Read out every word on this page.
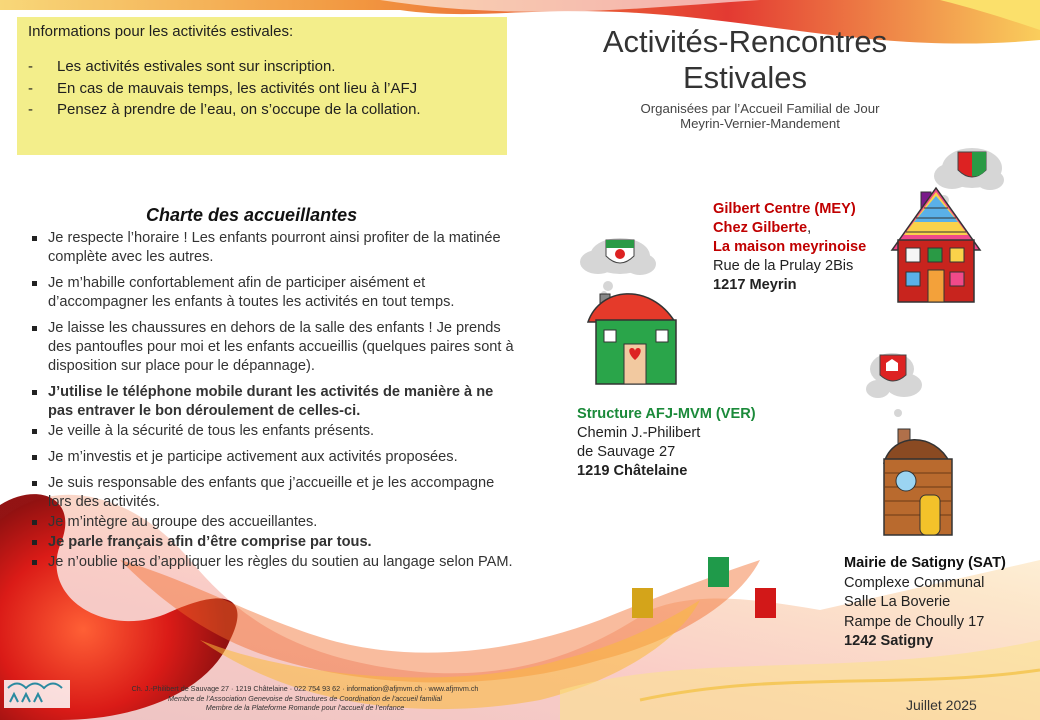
Informations pour les activités estivales:
- Les activités estivales sont sur inscription.
- En cas de mauvais temps, les activités ont lieu à l’AFJ
- Pensez à prendre de l’eau, on s’occupe de la collation.
Activités-Rencontres
Estivales
Organisées par l’Accueil Familial de Jour
Meyrin-Vernier-Mandement
Charte des accueillantes
Je respecte l’horaire ! Les enfants pourront ainsi profiter de la matinée complète avec les autres.
Je m’habille confortablement afin de participer aisément et d’accompagner les enfants à toutes les activités en tout temps.
Je laisse les chaussures en dehors de la salle des enfants ! Je prends des pantoufles pour moi et les enfants accueillis (quelques paires sont à disposition sur place pour le dépannage).
J’utilise le téléphone mobile durant les activités de manière à ne pas entraver le bon déroulement de celles-ci.
Je veille à la sécurité de tous les enfants présents.
Je m’investis et je participe activement aux activités proposées.
Je suis responsable des enfants que j’accueille et je les accompagne lors des activités.
Je m’intègre au groupe des accueillantes.
Je parle français afin d’être comprise par tous.
Je n’oublie pas d’appliquer les règles du soutien au langage selon PAM.
Gilbert Centre (MEY)
Chez Gilberte,
La maison meyrinoise
Rue de la Prulay 2Bis
1217 Meyrin
Structure AFJ-MVM (VER)
Chemin J.-Philibert
de Sauvage 27
1219 Châtelaine
Mairie de Satigny (SAT)
Complexe Communal
Salle La Boverie
Rampe de Choully 17
1242 Satigny
Ch. J.-Philibert de Sauvage 27 · 1219 Châtelaine · 022 754 93 62 · information@afjmvm.ch · www.afjmvm.ch
Membre de l’Association Genevoise de Structures de Coordination de l’accueil familial
Membre de la Plateforme Romande pour l’accueil de l’enfance	Juillet 2025
